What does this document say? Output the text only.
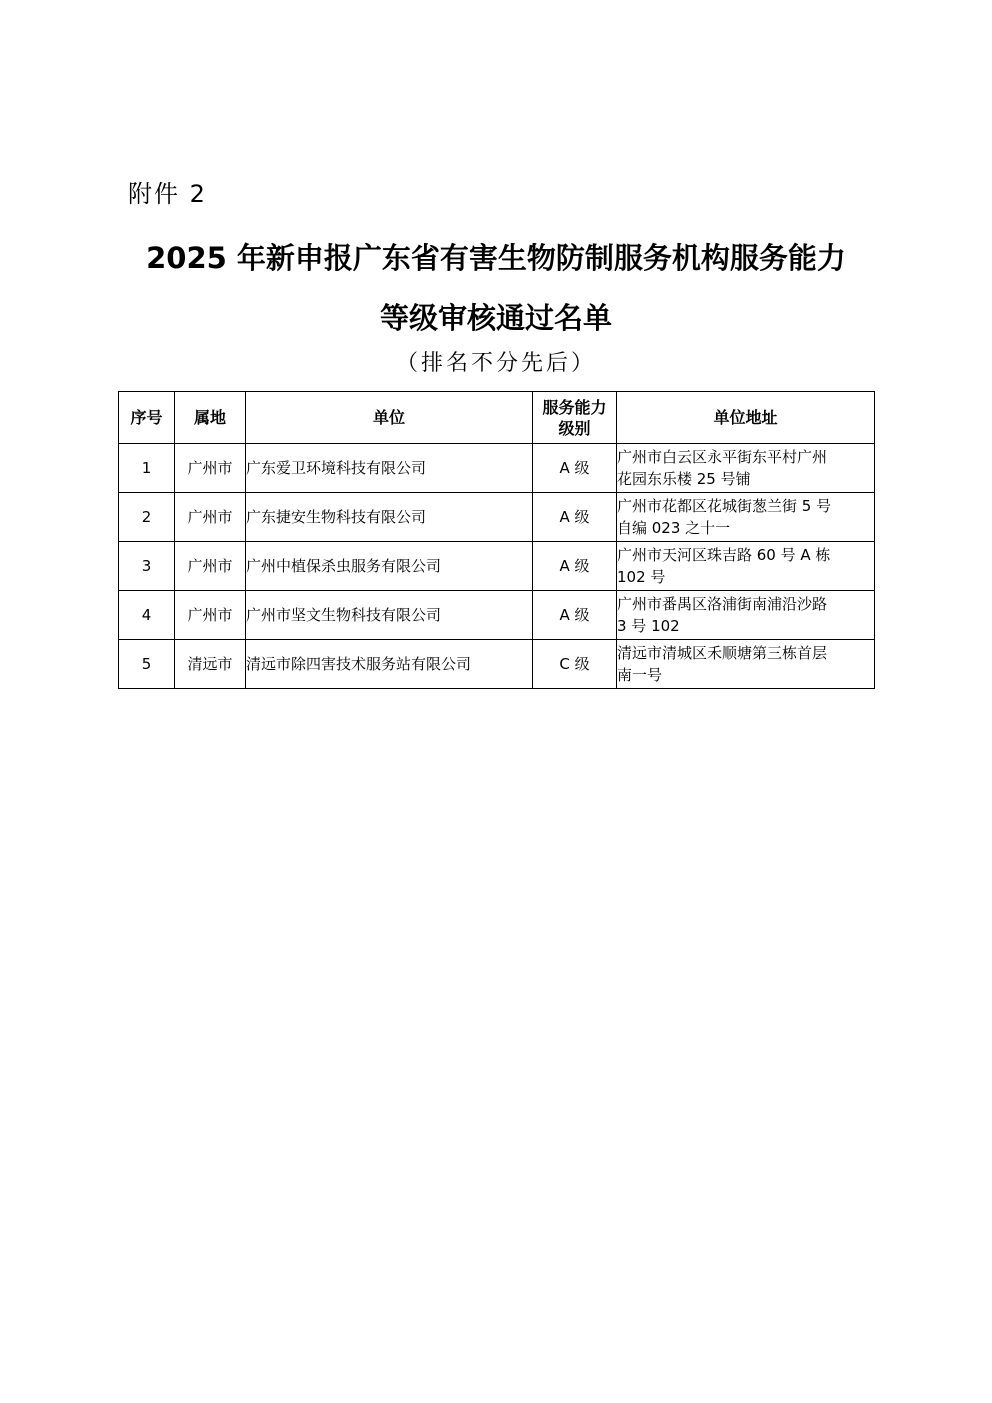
附件 2
2025 年新申报广东省有害生物防制服务机构服务能力
等级审核通过名单
（排名不分先后）
序号	属地	单位	服务能力
级别	单位地址
1	广州市	广东爱卫环境科技有限公司	A 级	广州市白云区永平街东平村广州
花园东乐楼 25 号铺

2	广州市	广东捷安生物科技有限公司	A 级	广州市花都区花城街葱兰街 5 号
自编 023 之十一

3	广州市	广州中植保杀虫服务有限公司	A 级	广州市天河区珠吉路 60 号 A 栋
102 号

4	广州市	广州市坚文生物科技有限公司	A 级	广州市番禺区洛浦街南浦沿沙路
3 号 102

5	清远市	清远市除四害技术服务站有限公司	C 级	清远市清城区禾顺塘第三栋首层
南一号
